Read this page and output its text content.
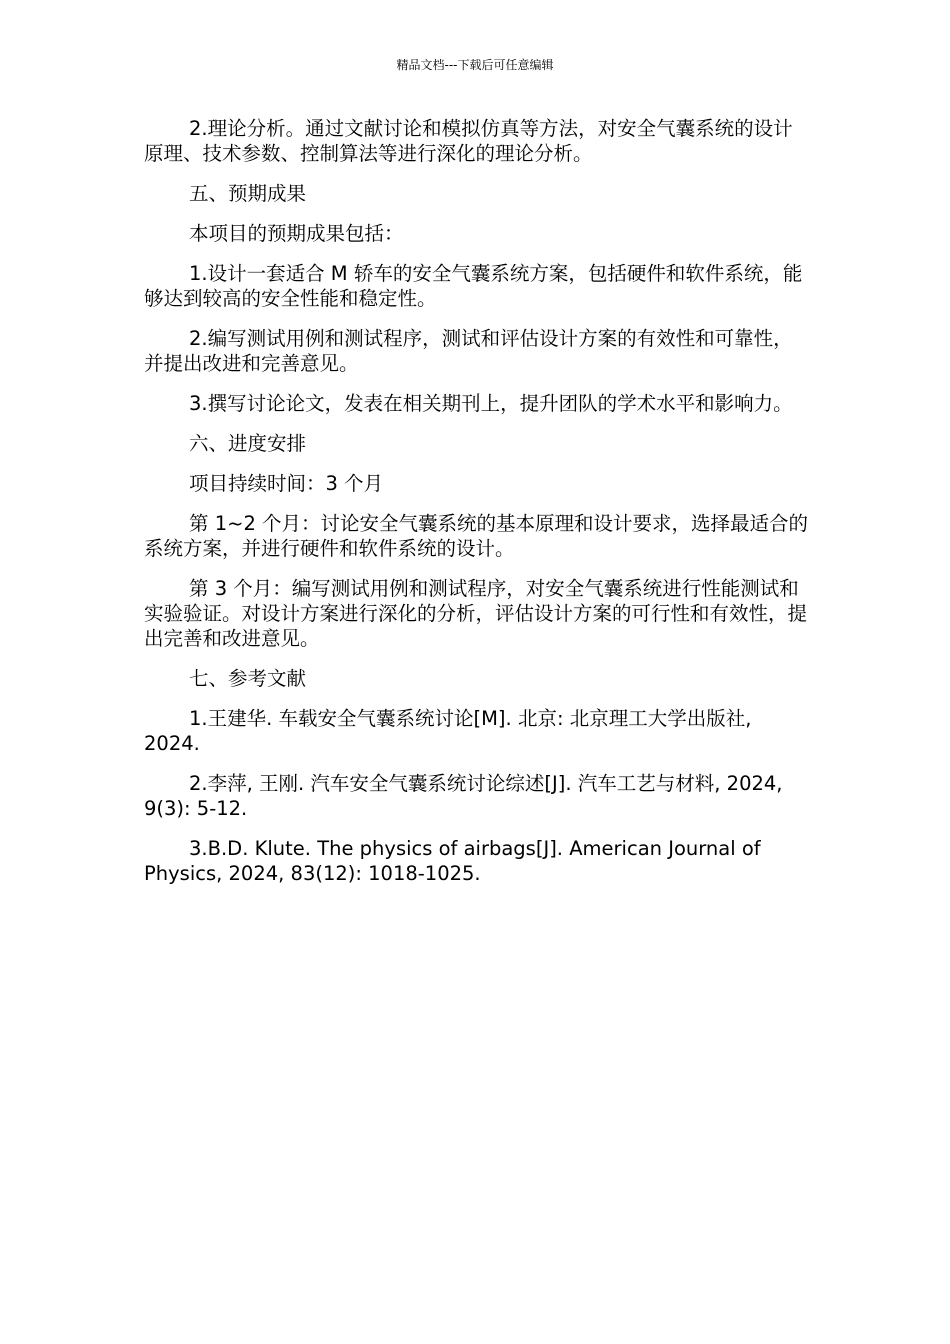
精品文档---下载后可任意编辑

2.理论分析。通过文献讨论和模拟仿真等方法，对安全气囊系统的设计原理、技术参数、控制算法等进行深化的理论分析。

五、预期成果

本项目的预期成果包括：

1.设计一套适合 M 轿车的安全气囊系统方案，包括硬件和软件系统，能够达到较高的安全性能和稳定性。

2.编写测试用例和测试程序，测试和评估设计方案的有效性和可靠性，并提出改进和完善意见。

3.撰写讨论论文，发表在相关期刊上，提升团队的学术水平和影响力。

六、进度安排

项目持续时间：3 个月

第 1~2 个月：讨论安全气囊系统的基本原理和设计要求，选择最适合的系统方案，并进行硬件和软件系统的设计。

第 3 个月：编写测试用例和测试程序，对安全气囊系统进行性能测试和实验验证。对设计方案进行深化的分析，评估设计方案的可行性和有效性，提出完善和改进意见。

七、参考文献

1.王建华. 车载安全气囊系统讨论[M]. 北京: 北京理工大学出版社, 2024.

2.李萍, 王刚. 汽车安全气囊系统讨论综述[J]. 汽车工艺与材料, 2024, 9(3): 5-12.

3.B.D. Klute. The physics of airbags[J]. American Journal of Physics, 2024, 83(12): 1018-1025.
